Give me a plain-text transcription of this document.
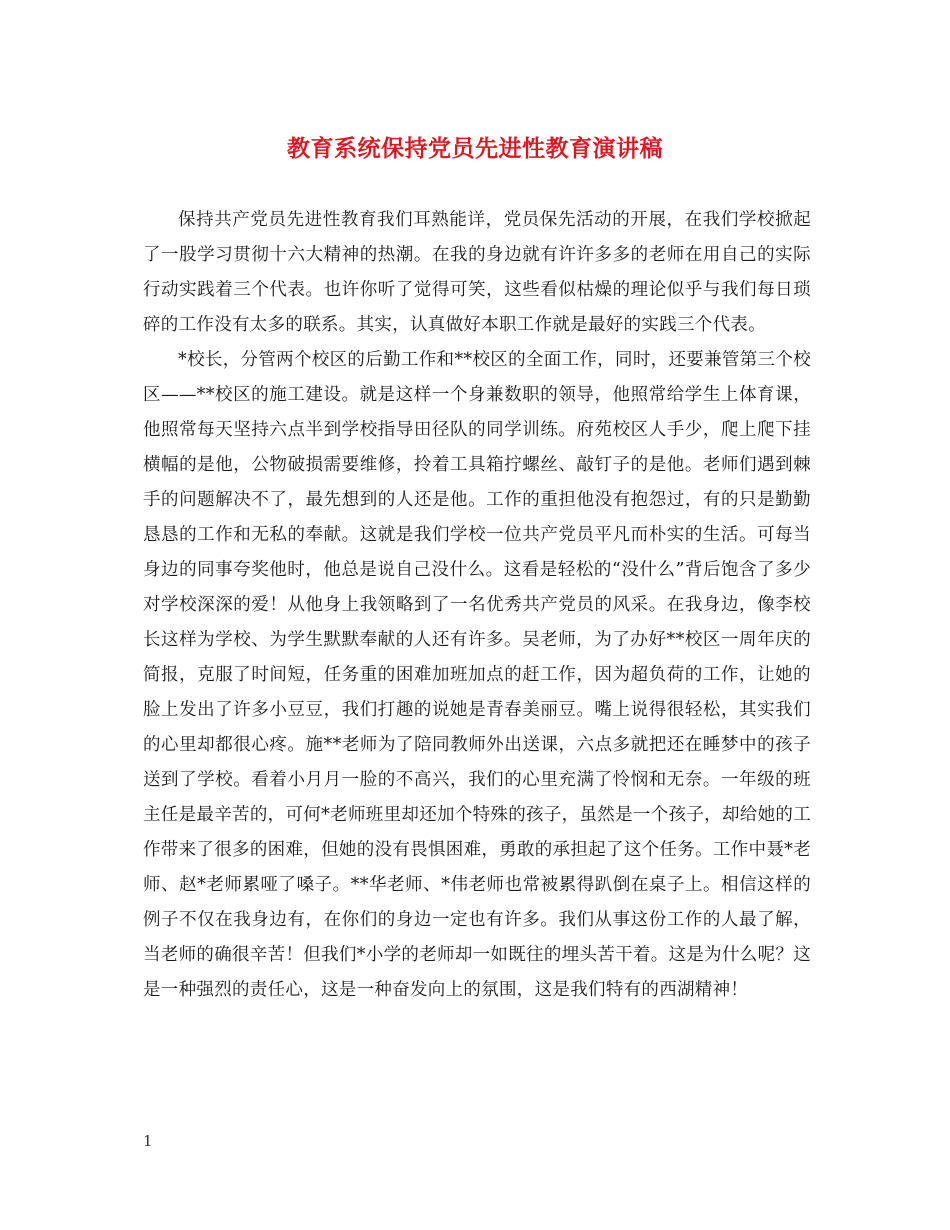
教育系统保持党员先进性教育演讲稿

保持共产党员先进性教育我们耳熟能详，党员保先活动的开展，在我们学校掀起了一股学习贯彻十六大精神的热潮。在我的身边就有许许多多的老师在用自己的实际行动实践着三个代表。也许你听了觉得可笑，这些看似枯燥的理论似乎与我们每日琐碎的工作没有太多的联系。其实，认真做好本职工作就是最好的实践三个代表。

*校长，分管两个校区的后勤工作和**校区的全面工作，同时，还要兼管第三个校区——**校区的施工建设。就是这样一个身兼数职的领导，他照常给学生上体育课，他照常每天坚持六点半到学校指导田径队的同学训练。府苑校区人手少，爬上爬下挂横幅的是他，公物破损需要维修，拎着工具箱拧螺丝、敲钉子的是他。老师们遇到棘手的问题解决不了，最先想到的人还是他。工作的重担他没有抱怨过，有的只是勤勤恳恳的工作和无私的奉献。这就是我们学校一位共产党员平凡而朴实的生活。可每当身边的同事夸奖他时，他总是说自己没什么。这看是轻松的“没什么”背后饱含了多少对学校深深的爱！从他身上我领略到了一名优秀共产党员的风采。在我身边，像李校长这样为学校、为学生默默奉献的人还有许多。吴老师，为了办好**校区一周年庆的简报，克服了时间短，任务重的困难加班加点的赶工作，因为超负荷的工作，让她的脸上发出了许多小豆豆，我们打趣的说她是青春美丽豆。嘴上说得很轻松，其实我们的心里却都很心疼。施**老师为了陪同教师外出送课，六点多就把还在睡梦中的孩子送到了学校。看着小月月一脸的不高兴，我们的心里充满了怜悯和无奈。一年级的班主任是最辛苦的，可何*老师班里却还加个特殊的孩子，虽然是一个孩子，却给她的工作带来了很多的困难，但她的没有畏惧困难，勇敢的承担起了这个任务。工作中聂*老师、赵*老师累哑了嗓子。**华老师、*伟老师也常被累得趴倒在桌子上。相信这样的例子不仅在我身边有，在你们的身边一定也有许多。我们从事这份工作的人最了解，当老师的确很辛苦！但我们*小学的老师却一如既往的埋头苦干着。这是为什么呢？这是一种强烈的责任心，这是一种奋发向上的氛围，这是我们特有的西湖精神！

1
